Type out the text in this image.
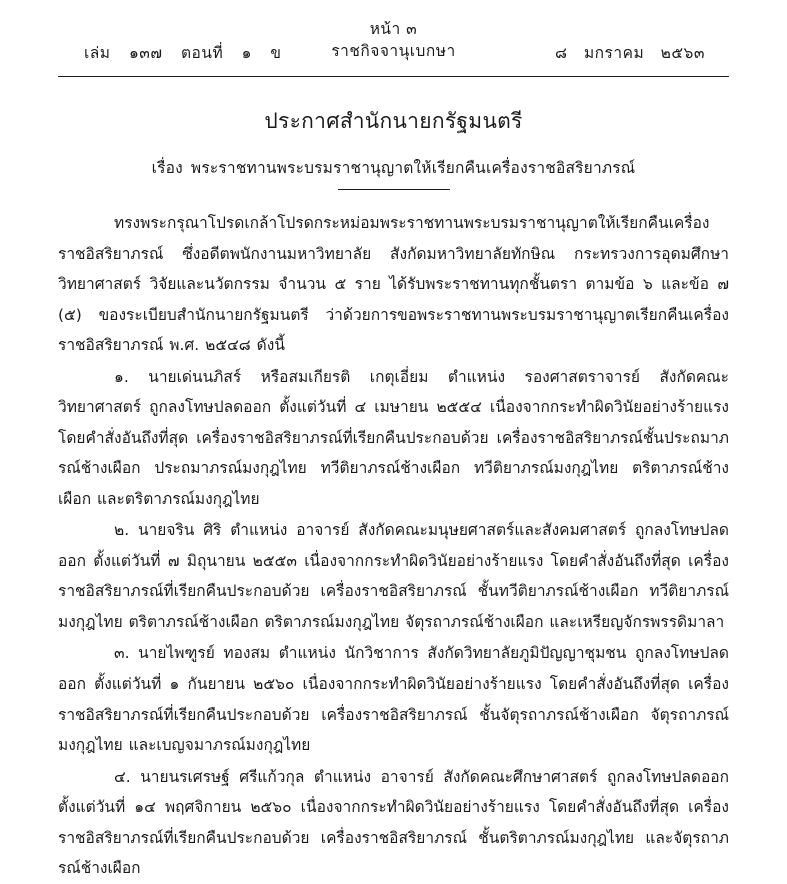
หน้า ๓
ราชกิจจานุเบกษา
เล่ม ๑๓๗ ตอนที่ ๑ ข	๘ มกราคม ๒๕๖๓
ประกาศสำนักนายกรัฐมนตรี
เรื่อง พระราชทานพระบรมราชานุญาตให้เรียกคืนเครื่องราชอิสริยาภรณ์

ทรงพระกรุณาโปรดเกล้าโปรดกระหม่อมพระราชทานพระบรมราชานุญาตให้เรียกคืนเครื่องราชอิสริยาภรณ์ ซึ่งอดีตพนักงานมหาวิทยาลัย สังกัดมหาวิทยาลัยทักษิณ กระทรวงการอุดมศึกษา วิทยาศาสตร์ วิจัยและนวัตกรรม จำนวน ๕ ราย ได้รับพระราชทานทุกชั้นตรา ตามข้อ ๖ และข้อ ๗ (๕) ของระเบียบสำนักนายกรัฐมนตรี ว่าด้วยการขอพระราชทานพระบรมราชานุญาตเรียกคืนเครื่องราชอิสริยาภรณ์ พ.ศ. ๒๕๔๘ ดังนี้

๑. นายเด่นนภิสร์ หรือสมเกียรติ เกตุเอี่ยม ตำแหน่ง รองศาสตราจารย์ สังกัดคณะวิทยาศาสตร์ ถูกลงโทษปลดออก ตั้งแต่วันที่ ๔ เมษายน ๒๕๕๔ เนื่องจากกระทำผิดวินัยอย่างร้ายแรง โดยคำสั่งอันถึงที่สุด เครื่องราชอิสริยาภรณ์ที่เรียกคืนประกอบด้วย เครื่องราชอิสริยาภรณ์ชั้นประถมาภรณ์ช้างเผือก ประถมาภรณ์มงกุฎไทย ทวีติยาภรณ์ช้างเผือก ทวีติยาภรณ์มงกุฎไทย ตริตาภรณ์ช้างเผือก และตริตาภรณ์มงกุฎไทย

๒. นายจริน ศิริ ตำแหน่ง อาจารย์ สังกัดคณะมนุษยศาสตร์และสังคมศาสตร์ ถูกลงโทษปลดออก ตั้งแต่วันที่ ๗ มิถุนายน ๒๕๕๓ เนื่องจากกระทำผิดวินัยอย่างร้ายแรง โดยคำสั่งอันถึงที่สุด เครื่องราชอิสริยาภรณ์ที่เรียกคืนประกอบด้วย เครื่องราชอิสริยาภรณ์ ชั้นทวีติยาภรณ์ช้างเผือก ทวีติยาภรณ์มงกุฎไทย ตริตาภรณ์ช้างเผือก ตริตาภรณ์มงกุฎไทย จัตุรถาภรณ์ช้างเผือก และเหรียญจักรพรรดิมาลา

๓. นายไพฑูรย์ ทองสม ตำแหน่ง นักวิชาการ สังกัดวิทยาลัยภูมิปัญญาชุมชน ถูกลงโทษปลดออก ตั้งแต่วันที่ ๑ กันยายน ๒๕๖๐ เนื่องจากกระทำผิดวินัยอย่างร้ายแรง โดยคำสั่งอันถึงที่สุด เครื่องราชอิสริยาภรณ์ที่เรียกคืนประกอบด้วย เครื่องราชอิสริยาภรณ์ ชั้นจัตุรถาภรณ์ช้างเผือก จัตุรถาภรณ์มงกุฎไทย และเบญจมาภรณ์มงกุฎไทย

๔. นายนรเศรษฐ์ ศรีแก้วกุล ตำแหน่ง อาจารย์ สังกัดคณะศึกษาศาสตร์ ถูกลงโทษปลดออก ตั้งแต่วันที่ ๑๔ พฤศจิกายน ๒๕๖๐ เนื่องจากกระทำผิดวินัยอย่างร้ายแรง โดยคำสั่งอันถึงที่สุด เครื่องราชอิสริยาภรณ์ที่เรียกคืนประกอบด้วย เครื่องราชอิสริยาภรณ์ ชั้นตริตาภรณ์มงกุฎไทย และจัตุรถาภรณ์ช้างเผือก
